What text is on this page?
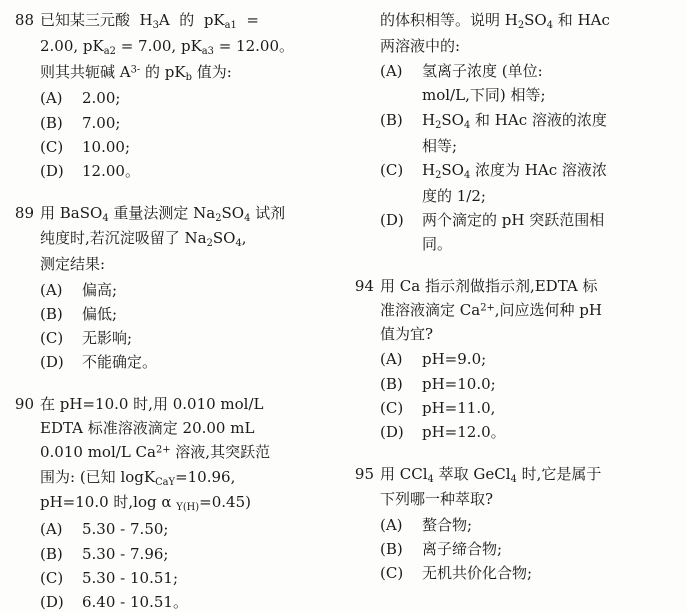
88 已知某三元酸  $H_3A$  的  $pK_{a1}$  =
2.00, $pK_{a2} = 7.00$, $pK_{a3} = 12.00$。
则其共轭碱 $A^{3-}$ 的 $pK_b$ 值为:
(A)	2.00;
(B)	7.00;
(C)	10.00;
(D)	12.00。
89 用 BaSO$_4$ 重量法测定 $Na_2SO_4$ 试剂
纯度时,若沉淀吸留了 $Na_2SO_4$,
测定结果:
(A)	偏高;
(B)	偏低;
(C)	无影响;
(D)	不能确定。
90 在 pH=10.0 时,用 0.010 mol/L
EDTA 标准溶液滴定 20.00 mL
0.010 mol/L $Ca^{2+}$ 溶液,其突跃范
围为: (已知 logK$_{CaY}$=10.96,
pH=10.0 时,log α $_{Y(H)}$=0.45)
(A)	5.30 - 7.50;
(B)	5.30 - 7.96;
(C)	5.30 - 10.51;
(D)	6.40 - 10.51。
的体积相等。说明 $H_2SO_4$ 和 HAc
两溶液中的:
(A)	氢离子浓度 (单位:
mol/L,下同) 相等;
(B)	$H_2SO_4$ 和 HAc 溶液的浓度
相等;
(C)	$H_2SO_4$ 浓度为 HAc 溶液浓
度的 1/2;
(D)	两个滴定的 pH 突跃范围相
同。
94 用 Ca 指示剂做指示剂,EDTA 标
准溶液滴定 $Ca^{2+}$,问应选何种 pH
值为宜?
(A)	pH=9.0;
(B)	pH=10.0;
(C)	pH=11.0,
(D)	pH=12.0。
95 用 CCl$_4$ 萃取 GeCl$_4$ 时,它是属于
下列哪一种萃取?
(A)	螯合物;
(B)	离子缔合物;
(C)	无机共价化合物;
